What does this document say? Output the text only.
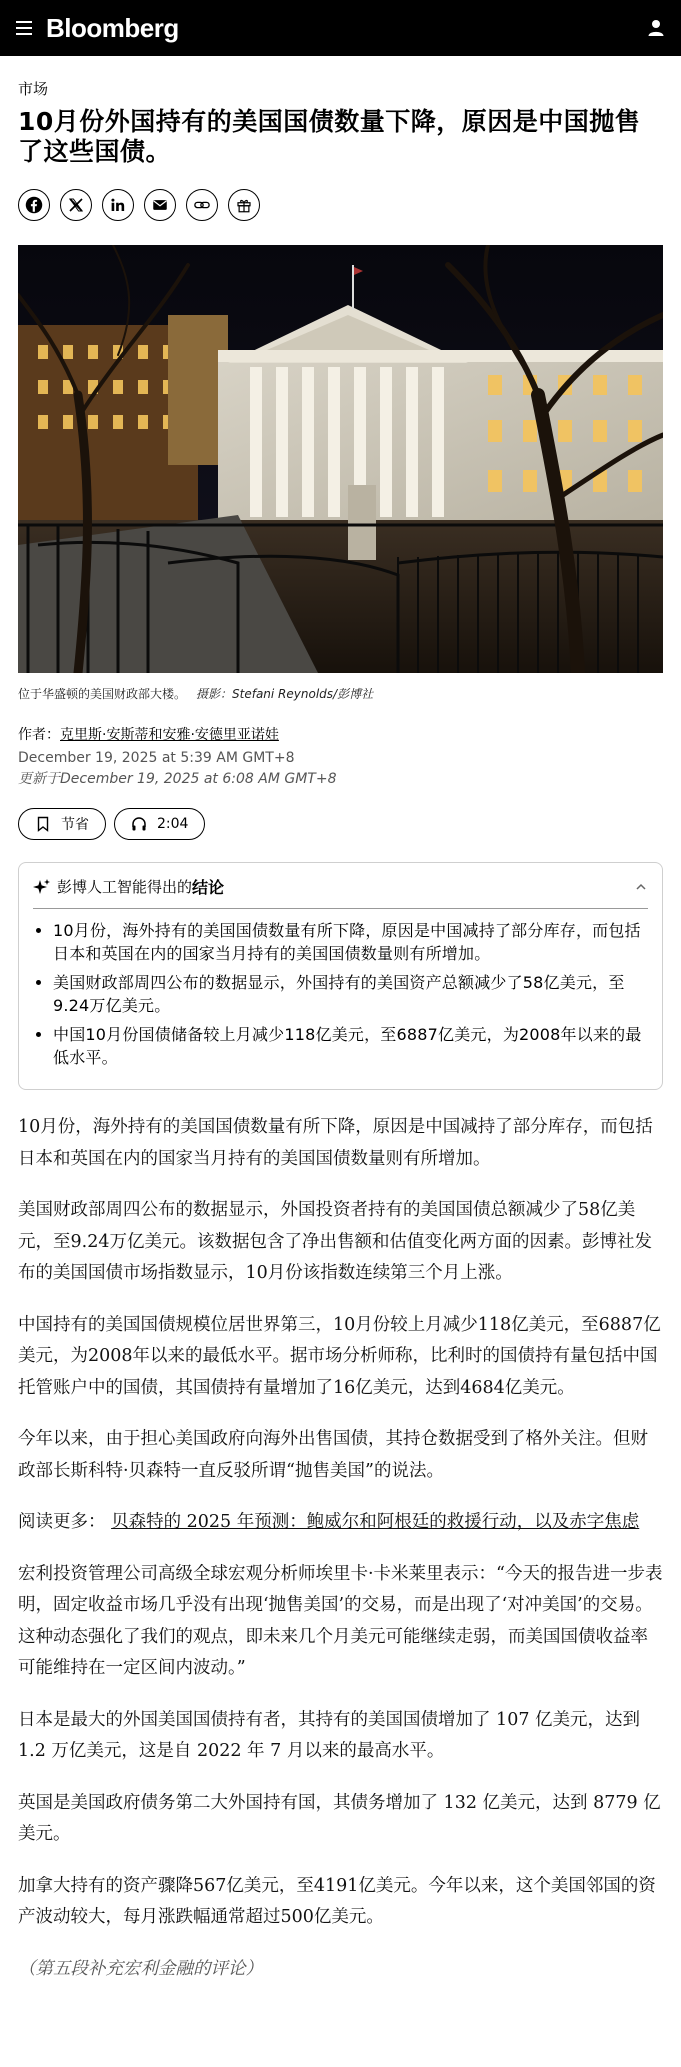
Bloomberg
市场
10月份外国持有的美国国债数量下降，原因是中国抛售了这些国债。
位于华盛顿的美国财政部大楼。 摄影：Stefani Reynolds/彭博社
作者：克里斯·安斯蒂和安雅·安德里亚诺娃
December 19, 2025 at 5:39 AM GMT+8
更新于December 19, 2025 at 6:08 AM GMT+8
节省	2:04
彭博人工智能得出的 结论
• 10月份，海外持有的美国国债数量有所下降，原因是中国减持了部分库存，而包括日本和英国在内的国家当月持有的美国国债数量则有所增加。
• 美国财政部周四公布的数据显示，外国持有的美国资产总额减少了58亿美元，至9.24万亿美元。
• 中国10月份国债储备较上月减少118亿美元，至6887亿美元，为2008年以来的最低水平。

10月份，海外持有的美国国债数量有所下降，原因是中国减持了部分库存，而包括日本和英国在内的国家当月持有的美国国债数量则有所增加。

美国财政部周四公布的数据显示，外国投资者持有的美国国债总额减少了58亿美元，至9.24万亿美元。该数据包含了净出售额和估值变化两方面的因素。彭博社发布的美国国债市场指数显示，10月份该指数连续第三个月上涨。

中国持有的美国国债规模位居世界第三，10月份较上月减少118亿美元，至6887亿美元，为2008年以来的最低水平。据市场分析师称，比利时的国债持有量包括中国托管账户中的国债，其国债持有量增加了16亿美元，达到4684亿美元。

今年以来，由于担心美国政府向海外出售国债，其持仓数据受到了格外关注。但财政部长斯科特·贝森特一直反驳所谓“抛售美国”的说法。

阅读更多： 贝森特的 2025 年预测：鲍威尔和阿根廷的救援行动，以及赤字焦虑

宏利投资管理公司高级全球宏观分析师埃里卡·卡米莱里表示：“今天的报告进一步表明，固定收益市场几乎没有出现‘抛售美国’的交易，而是出现了‘对冲美国’的交易。这种动态强化了我们的观点，即未来几个月美元可能继续走弱，而美国国债收益率可能维持在一定区间内波动。”

日本是最大的外国美国国债持有者，其持有的美国国债增加了 107 亿美元，达到 1.2 万亿美元，这是自 2022 年 7 月以来的最高水平。

英国是美国政府债务第二大外国持有国，其债务增加了 132 亿美元，达到 8779 亿美元。

加拿大持有的资产骤降567亿美元，至4191亿美元。今年以来，这个美国邻国的资产波动较大，每月涨跌幅通常超过500亿美元。

（第五段补充宏利金融的评论）
